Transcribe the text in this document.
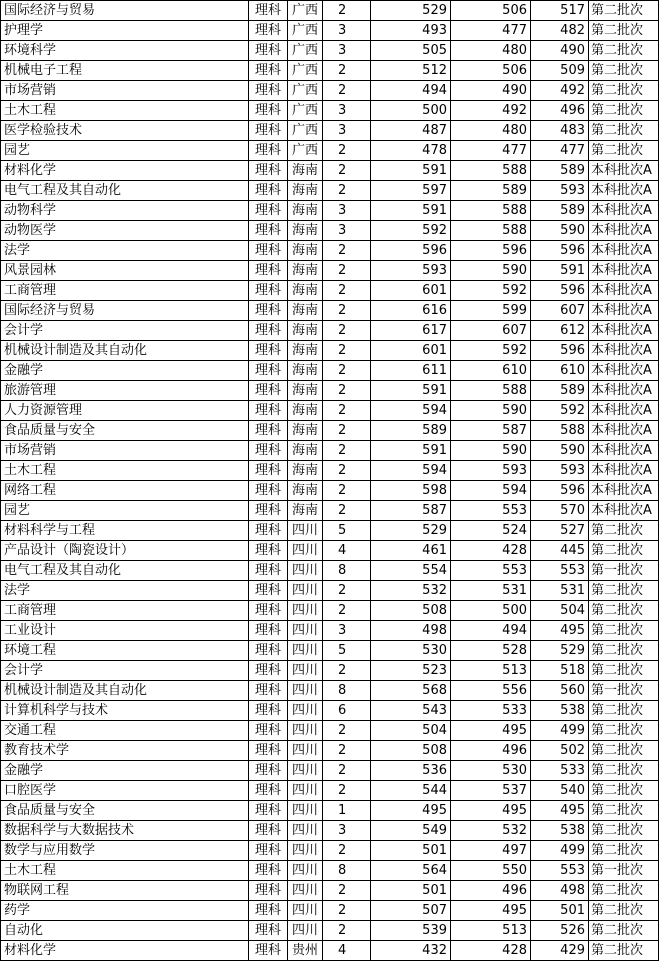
国际经济与贸易	理科	广西	2	529	506	517	第二批次
护理学	理科	广西	3	493	477	482	第二批次
环境科学	理科	广西	3	505	480	490	第二批次
机械电子工程	理科	广西	2	512	506	509	第二批次
市场营销	理科	广西	2	494	490	492	第二批次
土木工程	理科	广西	3	500	492	496	第二批次
医学检验技术	理科	广西	3	487	480	483	第二批次
园艺	理科	广西	2	478	477	477	第二批次
材料化学	理科	海南	2	591	588	589	本科批次A
电气工程及其自动化	理科	海南	2	597	589	593	本科批次A
动物科学	理科	海南	3	591	588	589	本科批次A
动物医学	理科	海南	3	592	588	590	本科批次A
法学	理科	海南	2	596	596	596	本科批次A
风景园林	理科	海南	2	593	590	591	本科批次A
工商管理	理科	海南	2	601	592	596	本科批次A
国际经济与贸易	理科	海南	2	616	599	607	本科批次A
会计学	理科	海南	2	617	607	612	本科批次A
机械设计制造及其自动化	理科	海南	2	601	592	596	本科批次A
金融学	理科	海南	2	611	610	610	本科批次A
旅游管理	理科	海南	2	591	588	589	本科批次A
人力资源管理	理科	海南	2	594	590	592	本科批次A
食品质量与安全	理科	海南	2	589	587	588	本科批次A
市场营销	理科	海南	2	591	590	590	本科批次A
土木工程	理科	海南	2	594	593	593	本科批次A
网络工程	理科	海南	2	598	594	596	本科批次A
园艺	理科	海南	2	587	553	570	本科批次A
材料科学与工程	理科	四川	5	529	524	527	第二批次
产品设计（陶瓷设计）	理科	四川	4	461	428	445	第二批次
电气工程及其自动化	理科	四川	8	554	553	553	第一批次
法学	理科	四川	2	532	531	531	第二批次
工商管理	理科	四川	2	508	500	504	第二批次
工业设计	理科	四川	3	498	494	495	第二批次
环境工程	理科	四川	5	530	528	529	第二批次
会计学	理科	四川	2	523	513	518	第二批次
机械设计制造及其自动化	理科	四川	8	568	556	560	第一批次
计算机科学与技术	理科	四川	6	543	533	538	第二批次
交通工程	理科	四川	2	504	495	499	第二批次
教育技术学	理科	四川	2	508	496	502	第二批次
金融学	理科	四川	2	536	530	533	第二批次
口腔医学	理科	四川	2	544	537	540	第二批次
食品质量与安全	理科	四川	1	495	495	495	第二批次
数据科学与大数据技术	理科	四川	3	549	532	538	第二批次
数学与应用数学	理科	四川	2	501	497	499	第二批次
土木工程	理科	四川	8	564	550	553	第一批次
物联网工程	理科	四川	2	501	496	498	第二批次
药学	理科	四川	2	507	495	501	第二批次
自动化	理科	四川	2	539	513	526	第二批次
材料化学	理科	贵州	4	432	428	429	第二批次
